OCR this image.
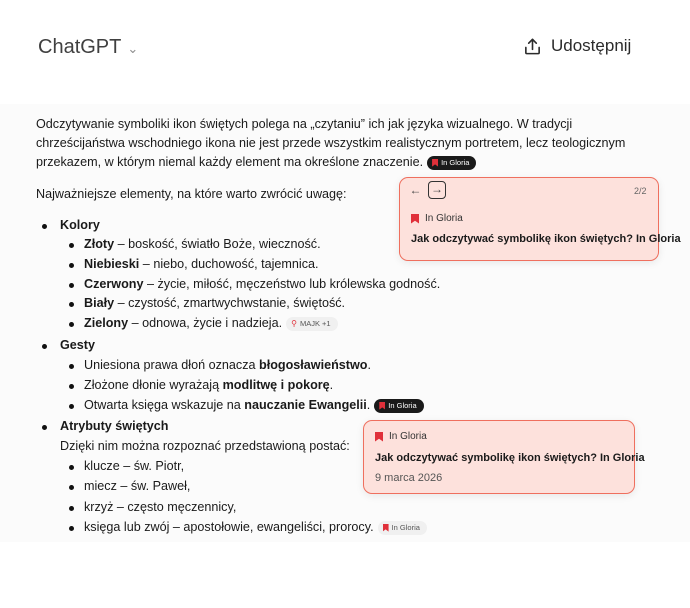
ChatGPT ⌄	Udostępnij
Odczytywanie symboliki ikon świętych polega na „czytaniu” ich jak języka wizualnego. W tradycji
chrześcijaństwa wschodniego ikona nie jest przede wszystkim realistycznym portretem, lecz teologicznym
przekazem, w którym niemal każdy element ma określone znaczenie. In Gloria
Najważniejsze elementy, na które warto zwrócić uwagę:
Kolory
Złoty – boskość, światło Boże, wieczność.
Niebieski – niebo, duchowość, tajemnica.
Czerwony – życie, miłość, męczeństwo lub królewska godność.
Biały – czystość, zmartwychwstanie, świętość.
Zielony – odnowa, życie i nadzieja. ⚲ MAJK +1
Gesty
Uniesiona prawa dłoń oznacza błogosławieństwo.
Złożone dłonie wyrażają modlitwę i pokorę.
Otwarta księga wskazuje na nauczanie Ewangelii. In Gloria
Atrybuty świętych
Dzięki nim można rozpoznać przedstawioną postać:
klucze – św. Piotr,
miecz – św. Paweł,
krzyż – często męczennicy,
księga lub zwój – apostołowie, ewangeliści, prorocy. In Gloria
← →	2/2
In Gloria
Jak odczytywać symbolikę ikon świętych? In Gloria
In Gloria
Jak odczytywać symbolikę ikon świętych? In Gloria
9 marca 2026
